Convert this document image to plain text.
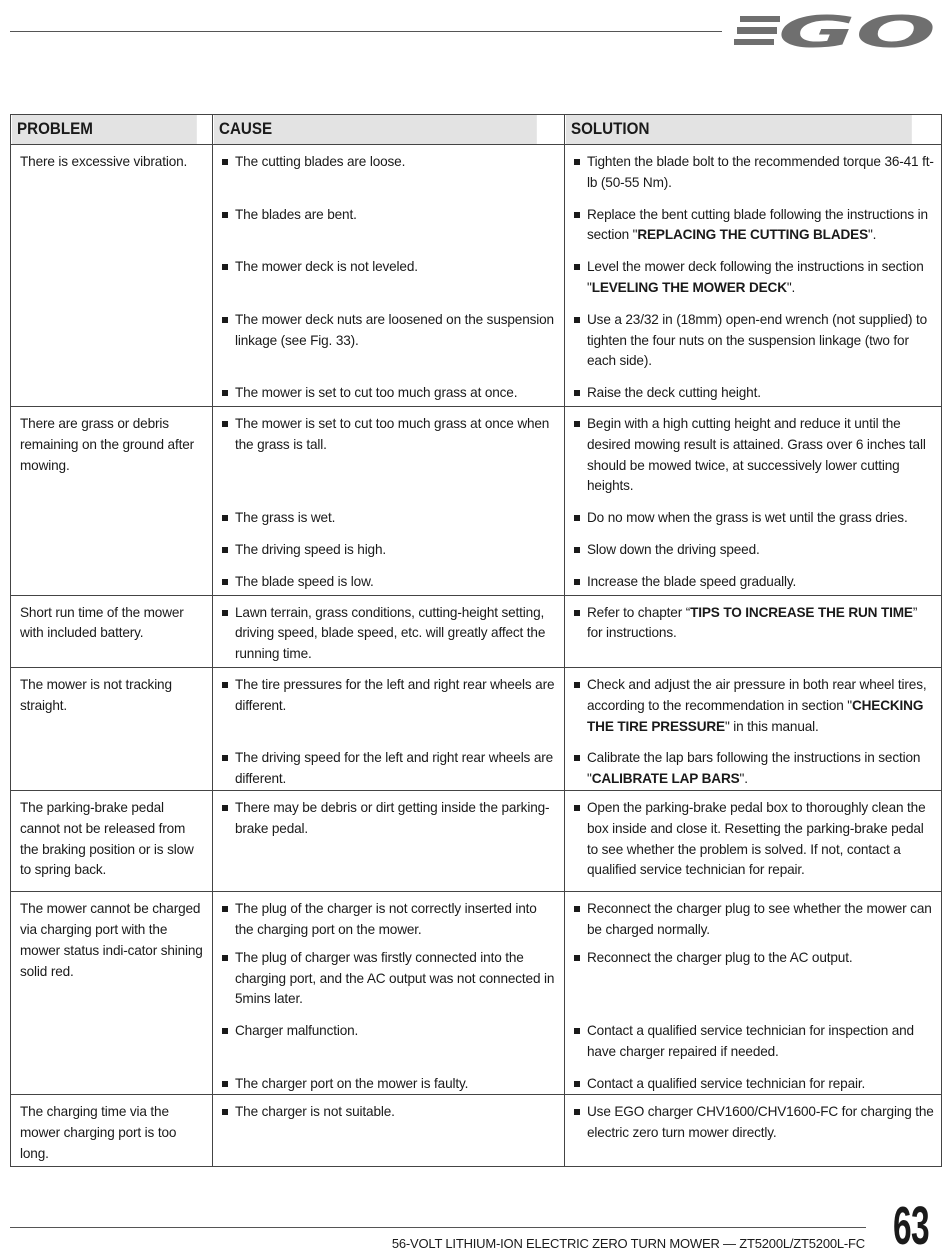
GO
PROBLEM	CAUSE	SOLUTION
There is excessive vibration.	The cutting blades are loose.	Tighten the blade bolt to the recommended torque 36-41 ft-lb (50-55 Nm).

	The blades are bent.	Replace the bent cutting blade following the instructions in section "REPLACING THE CUTTING BLADES".

	The mower deck is not leveled.	Level the mower deck following the instructions in section "LEVELING THE MOWER DECK".

	The mower deck nuts are loosened on the suspension linkage (see Fig. 33).	Use a 23/32 in (18mm) open-end wrench (not supplied) to tighten the four nuts on the suspension linkage (two for each side).

	The mower is set to cut too much grass at once.	Raise the deck cutting height.

There are grass or debris remaining on the ground after mowing.	The mower is set to cut too much grass at once when the grass is tall.	Begin with a high cutting height and reduce it until the desired mowing result is attained. Grass over 6 inches tall should be mowed twice, at successively lower cutting heights.

	The grass is wet.	Do no mow when the grass is wet until the grass dries.

	The driving speed is high.	Slow down the driving speed.

	The blade speed is low.	Increase the blade speed gradually.

Short run time of the mower with included battery.	Lawn terrain, grass conditions, cutting-height setting, driving speed, blade speed, etc. will greatly affect the running time.	Refer to chapter “TIPS TO INCREASE THE RUN TIME” for instructions.

The mower is not tracking straight.	The tire pressures for the left and right rear wheels are different.	Check and adjust the air pressure in both rear wheel tires, according to the recommendation in section "CHECKING THE TIRE PRESSURE" in this manual.

	The driving speed for the left and right rear wheels are different.	Calibrate the lap bars following the instructions in section "CALIBRATE LAP BARS".

The parking-brake pedal cannot not be released from the braking position or is slow to spring back.	There may be debris or dirt getting inside the parking-brake pedal.	Open the parking-brake pedal box to thoroughly clean the box inside and close it. Resetting the parking-brake pedal to see whether the problem is solved. If not, contact a qualified service technician for repair.

The mower cannot be charged via charging port with the mower status indi-cator shining solid red.	The plug of the charger is not correctly inserted into the charging port on the mower.	Reconnect the charger plug to see whether the mower can be charged normally.

	The plug of charger was firstly connected into the charging port, and the AC output was not connected in 5mins later.	Reconnect the charger plug to the AC output.

	Charger malfunction.	Contact a qualified service technician for inspection and have charger repaired if needed.

	The charger port on the mower is faulty.	Contact a qualified service technician for repair.

The charging time via the mower charging port is too long.	The charger is not suitable.	Use EGO charger CHV1600/CHV1600-FC for charging the electric zero turn mower directly.
56-VOLT LITHIUM-ION ELECTRIC ZERO TURN MOWER — ZT5200L/ZT5200L-FC 63
